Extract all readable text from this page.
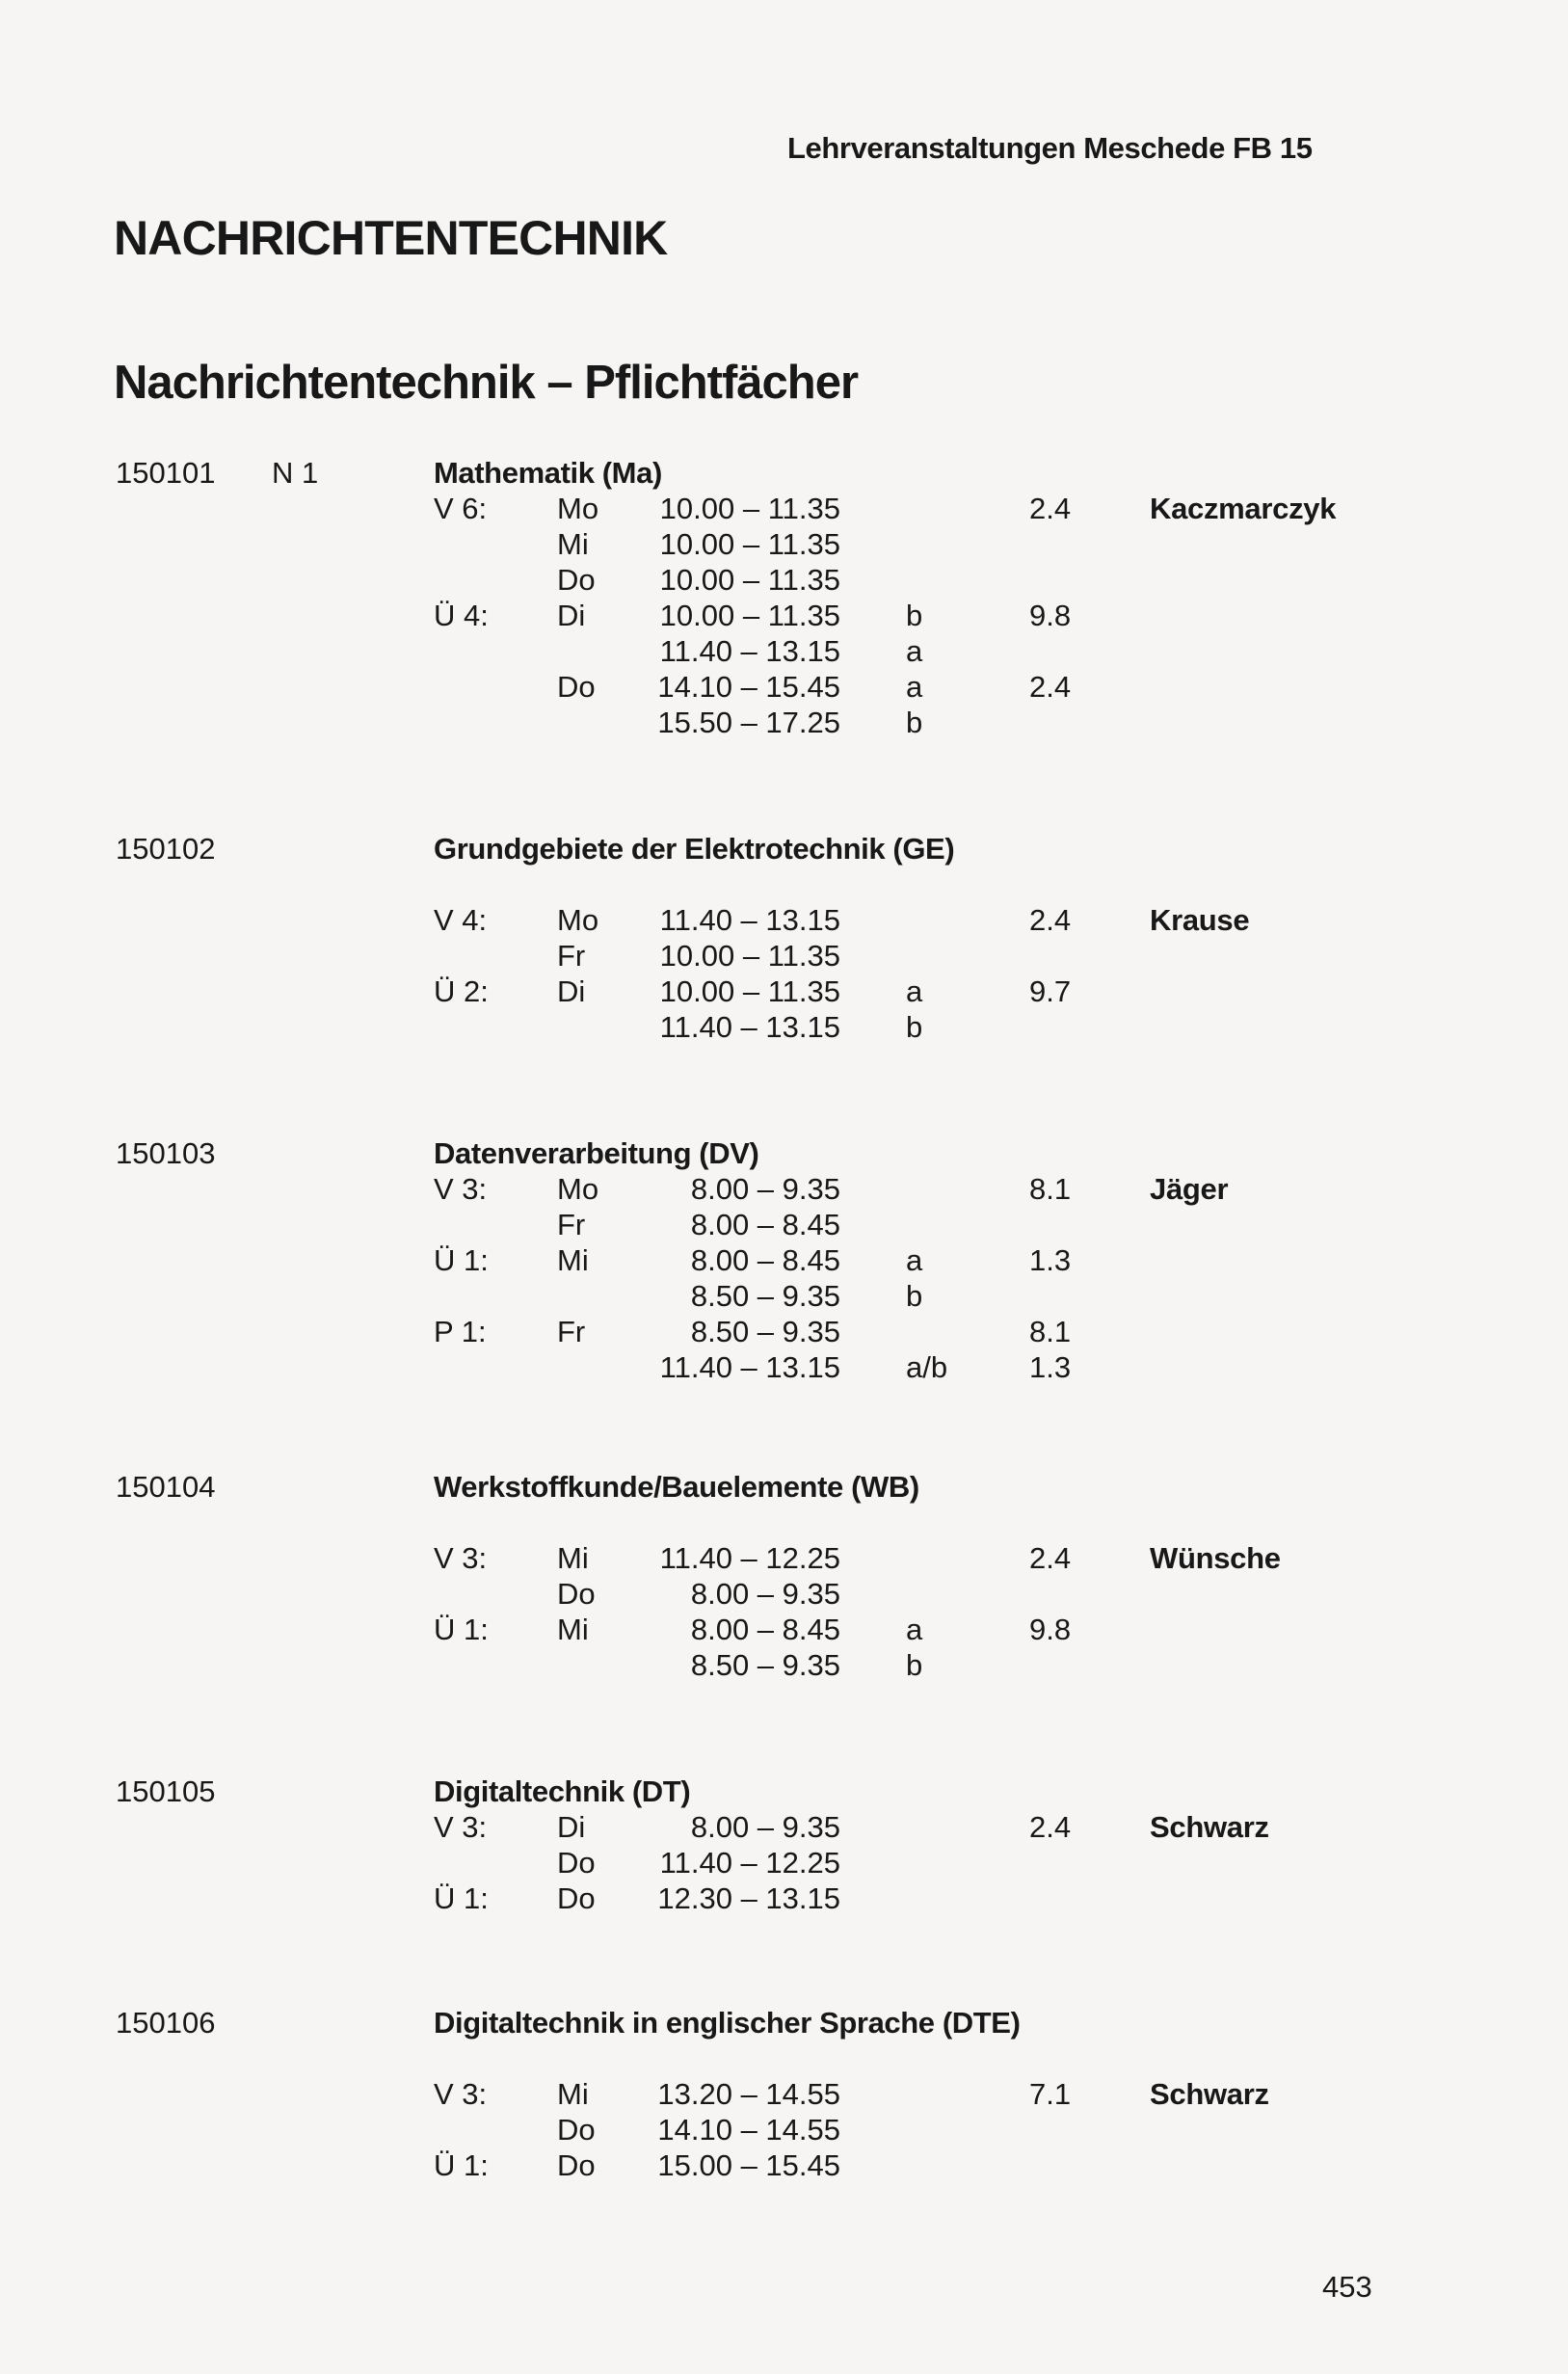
Lehrveranstaltungen Meschede FB 15
NACHRICHTENTECHNIK
Nachrichtentechnik – Pflichtfächer
150101 N 1	Mathematik (Ma)
V 6:	Mo	10.00 – 11.35	2.4	Kaczmarczyk
Mi	10.00 – 11.35
Do	10.00 – 11.35
Ü 4:	Di	10.00 – 11.35 b	9.8
11.40 – 13.15 a
Do	14.10 – 15.45 a	2.4
15.50 – 17.25 b
150102	Grundgebiete der Elektrotechnik (GE)
V 4:	Mo	11.40 – 13.15	2.4	Krause
Fr	10.00 – 11.35
Ü 2:	Di	10.00 – 11.35 a	9.7
11.40 – 13.15 b
150103	Datenverarbeitung (DV)
V 3:	Mo	8.00 – 9.35	8.1	Jäger
Fr	8.00 – 8.45
Ü 1:	Mi	8.00 – 8.45 a	1.3
8.50 – 9.35 b
P 1:	Fr	8.50 – 9.35	8.1
11.40 – 13.15 a/b	1.3
150104	Werkstoffkunde/Bauelemente (WB)
V 3:	Mi	11.40 – 12.25	2.4	Wünsche
Do	8.00 – 9.35
Ü 1:	Mi	8.00 – 8.45 a	9.8
8.50 – 9.35 b
150105	Digitaltechnik (DT)
V 3:	Di	8.00 – 9.35	2.4	Schwarz
Do	11.40 – 12.25
Ü 1:	Do	12.30 – 13.15
150106	Digitaltechnik in englischer Sprache (DTE)
V 3:	Mi	13.20 – 14.55	7.1	Schwarz
Do	14.10 – 14.55
Ü 1:	Do	15.00 – 15.45
453
